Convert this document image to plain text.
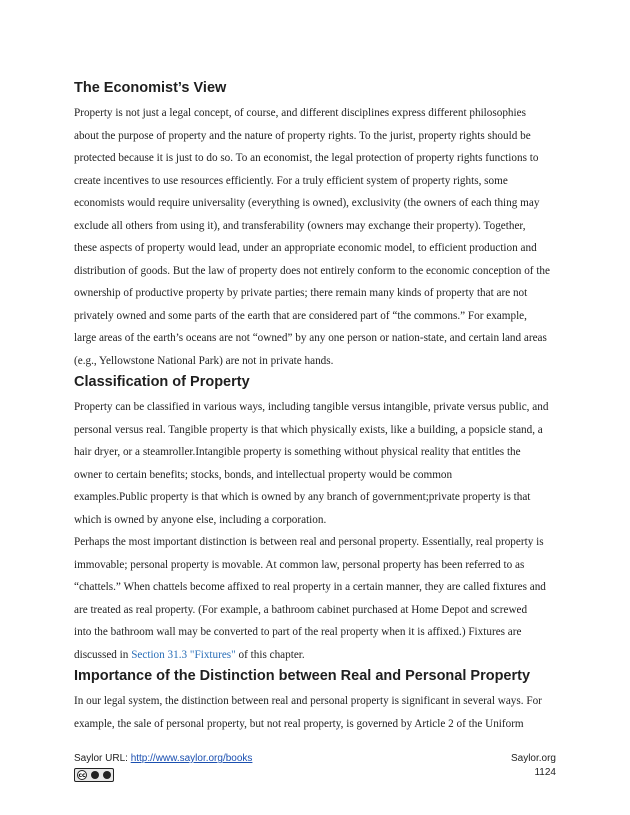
The Economist’s View

Property is not just a legal concept, of course, and different disciplines express different philosophies

about the purpose of property and the nature of property rights. To the jurist, property rights should be

protected because it is just to do so. To an economist, the legal protection of property rights functions to

create incentives to use resources efficiently. For a truly efficient system of property rights, some

economists would require universality (everything is owned), exclusivity (the owners of each thing may

exclude all others from using it), and transferability (owners may exchange their property). Together,

these aspects of property would lead, under an appropriate economic model, to efficient production and

distribution of goods. But the law of property does not entirely conform to the economic conception of the

ownership of productive property by private parties; there remain many kinds of property that are not

privately owned and some parts of the earth that are considered part of “the commons.” For example,

large areas of the earth’s oceans are not “owned” by any one person or nation-state, and certain land areas

(e.g., Yellowstone National Park) are not in private hands.

Classification of Property

Property can be classified in various ways, including tangible versus intangible, private versus public, and

personal versus real. Tangible property is that which physically exists, like a building, a popsicle stand, a

hair dryer, or a steamroller.Intangible property is something without physical reality that entitles the

owner to certain benefits; stocks, bonds, and intellectual property would be common

examples.Public property is that which is owned by any branch of government;private property is that

which is owned by anyone else, including a corporation.

Perhaps the most important distinction is between real and personal property. Essentially, real property is

immovable; personal property is movable. At common law, personal property has been referred to as

“chattels.” When chattels become affixed to real property in a certain manner, they are called fixtures and

are treated as real property. (For example, a bathroom cabinet purchased at Home Depot and screwed

into the bathroom wall may be converted to part of the real property when it is affixed.) Fixtures are

discussed in Section 31.3 "Fixtures" of this chapter.

Importance of the Distinction between Real and Personal Property

In our legal system, the distinction between real and personal property is significant in several ways. For

example, the sale of personal property, but not real property, is governed by Article 2 of the Uniform

Saylor URL: http://www.saylor.org/books
cc
Saylor.org
1124
